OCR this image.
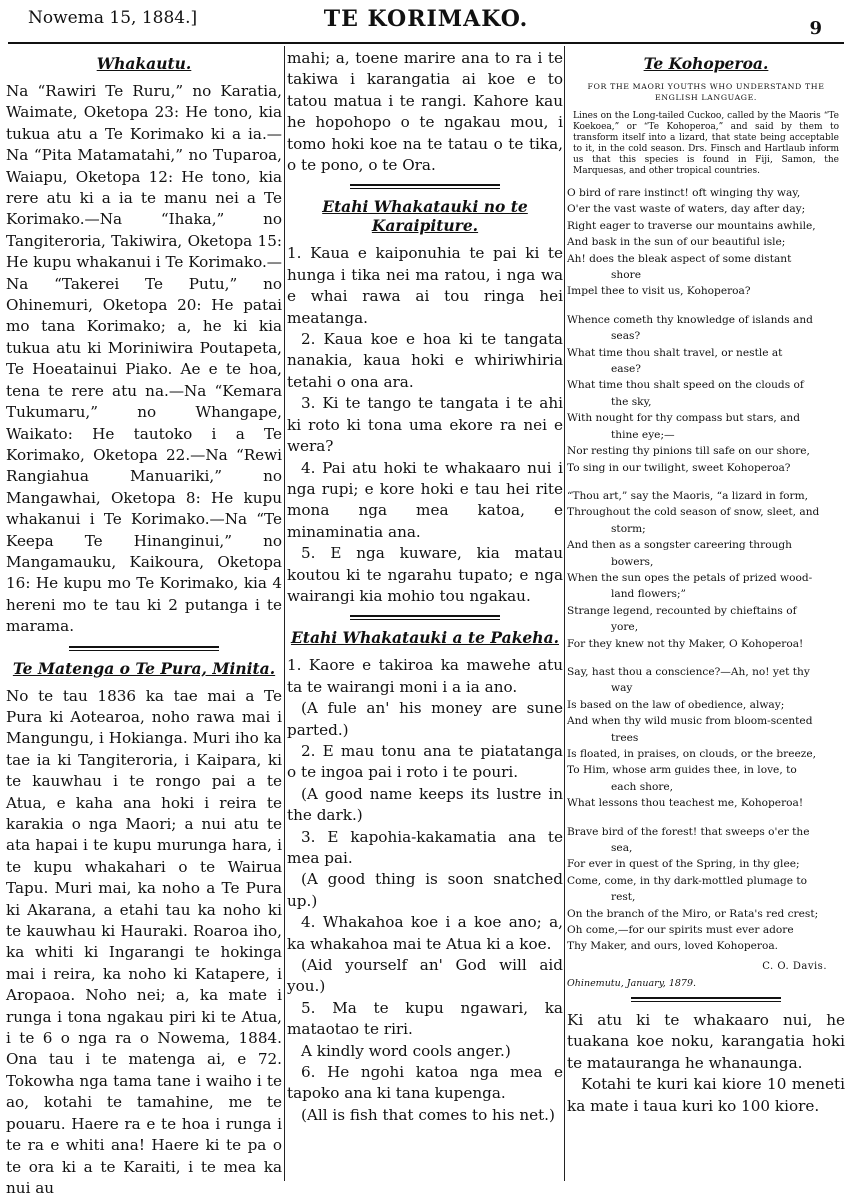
Nowema 15, 1884.]	TE KORIMAKO.	9
Whakautu.

Na “Rawiri Te Ruru,” no Karatia, Waimate, Oketopa 23: He tono, kia tukua atu a Te Korimako ki a ia.—Na “Pita Matamatahi,” no Tuparoa, Waiapu, Oketopa 12: He tono, kia rere atu ki a ia te manu nei a Te Korimako.—Na “Ihaka,” no Tangiteroria, Takiwira, Oketopa 15: He kupu whakanui i Te Korimako.—Na “Takerei Te Putu,” no Ohinemuri, Oketopa 20: He patai mo tana Korimako; a, he ki kia tukua atu ki Moriniwira Poutapeta, Te Hoeatainui Piako. Ae e te hoa, tena te rere atu na.—Na “Kemara Tukumaru,” no Whangape, Waikato: He tautoko i a Te Korimako, Oketopa 22.—Na “Rewi Rangiahua Manuariki,” no Mangawhai, Oketopa 8: He kupu whakanui i Te Korimako.—Na “Te Keepa Te Hinanginui,” no Mangamauku, Kaikoura, Oketopa 16: He kupu mo Te Korimako, kia 4 hereni mo te tau ki 2 putanga i te marama.

Te Matenga o Te Pura, Minita.

No te tau 1836 ka tae mai a Te Pura ki Aotearoa, noho rawa mai i Mangungu, i Hokianga. Muri iho ka tae ia ki Tangiteroria, i Kaipara, ki te kauwhau i te rongo pai a te Atua, e kaha ana hoki i reira te karakia o nga Maori; a nui atu te ata hapai i te kupu murunga hara, i te kupu whakahari o te Wairua Tapu. Muri mai, ka noho a Te Pura ki Akarana, a etahi tau ka noho ki te kauwhau ki Hauraki. Roaroa iho, ka whiti ki Ingarangi te hokinga mai i reira, ka noho ki Katapere, i Aropaoa. Noho nei; a, ka mate i runga i tona ngakau piri ki te Atua, i te 6 o nga ra o Nowema, 1884. Ona tau i te matenga ai, e 72. Tokowha nga tama tane i waiho i te ao, kotahi te tamahine, me te pouaru. Haere ra e te hoa i runga i te ra e whiti ana! Haere ki te pa o te ora ki a te Karaiti, i te mea ka nui au

mahi; a, toene marire ana to ra i te takiwa i karangatia ai koe e to tatou matua i te rangi. Kahore kau he hopohopo o te ngakau mou, i tomo hoki koe na te tatau o te tika, o te pono, o te Ora.

Etahi Whakatauki no te Karaipiture.

1. Kaua e kaiponuhia te pai ki te hunga i tika nei ma ratou, i nga wa e whai rawa ai tou ringa hei meatanga.

2. Kaua koe e hoa ki te tangata nanakia, kaua hoki e whiriwhiria tetahi o ona ara.

3. Ki te tango te tangata i te ahi ki roto ki tona uma ekore ra nei e wera?

4. Pai atu hoki te whakaaro nui i nga rupi; e kore hoki e tau hei rite mona nga mea katoa, e minaminatia ana.

5. E nga kuware, kia matau koutou ki te ngarahu tupato; e nga wairangi kia mohio tou ngakau.

Etahi Whakatauki a te Pakeha.

1. Kaore e takiroa ka mawehe atu ta te wairangi moni i a ia ano.

(A fule an' his money are sune parted.)

2. E mau tonu ana te piatatanga o te ingoa pai i roto i te pouri.

(A good name keeps its lustre in the dark.)

3. E kapohia-kakamatia ana te mea pai.

(A good thing is soon snatched up.)

4. Whakahoa koe i a koe ano; a, ka whakahoa mai te Atua ki a koe.

(Aid yourself an' God will aid you.)

5. Ma te kupu ngawari, ka mataotao te riri.

A kindly word cools anger.)

6. He ngohi katoa nga mea e tapoko ana ki tana kupenga.

(All is fish that comes to his net.)

Te Kohoperoa.
FOR THE MAORI YOUTHS WHO UNDERSTAND THE ENGLISH LANGUAGE.
Lines on the Long-tailed Cuckoo, called by the Maoris “Te Koekoea,” or “Te Kohoperoa,” and said by them to transform itself into a lizard, that state being acceptable to it, in the cold season. Drs. Finsch and Hartlaub inform us that this species is found in Fiji, Samon, the Marquesas, and other tropical countries.
O bird of rare instinct! oft winging thy way,
O'er the vast waste of waters, day after day;
Right eager to traverse our mountains awhile,
And bask in the sun of our beautiful isle;
Ah! does the bleak aspect of some distant
shore
Impel thee to visit us, Kohoperoa?
Whence cometh thy knowledge of islands and
seas?
What time thou shalt travel, or nestle at
ease?
What time thou shalt speed on the clouds of
the sky,
With nought for thy compass but stars, and
thine eye;—
Nor resting thy pinions till safe on our shore,
To sing in our twilight, sweet Kohoperoa?
“Thou art,” say the Maoris, “a lizard in form,
Throughout the cold season of snow, sleet, and
storm;
And then as a songster careering through
bowers,
When the sun opes the petals of prized wood-
land flowers;”
Strange legend, recounted by chieftains of
yore,
For they knew not thy Maker, O Kohoperoa!
Say, hast thou a conscience?—Ah, no! yet thy
way
Is based on the law of obedience, alway;
And when thy wild music from bloom-scented
trees
Is floated, in praises, on clouds, or the breeze,
To Him, whose arm guides thee, in love, to
each shore,
What lessons thou teachest me, Kohoperoa!
Brave bird of the forest! that sweeps o'er the
sea,
For ever in quest of the Spring, in thy glee;
Come, come, in thy dark-mottled plumage to
rest,
On the branch of the Miro, or Rata's red crest;
Oh come,—for our spirits must ever adore
Thy Maker, and ours, loved Kohoperoa.
C. O. Davis.
Ohinemutu, January, 1879.

Ki atu ki te whakaaro nui, he tuakana koe noku, karangatia hoki te matauranga he whanaunga.

Kotahi te kuri kai kiore 10 meneti ka mate i taua kuri ko 100 kiore.
